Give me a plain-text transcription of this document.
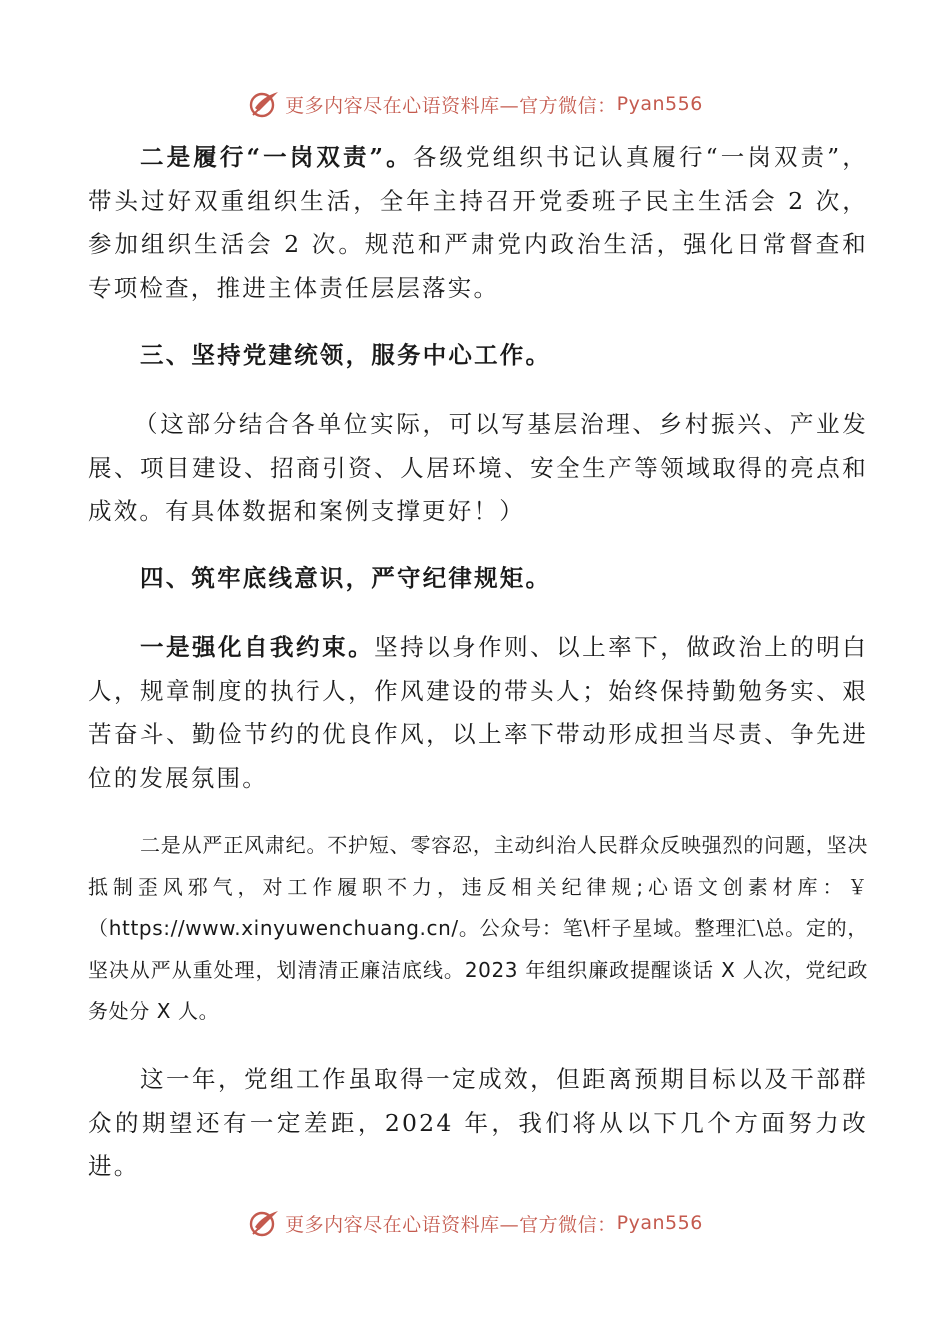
更多内容尽在心语资料库—官方微信： Pyan556
二是履行“一岗双责”。各级党组织书记认真履行“一岗双责”，带头过好双重组织生活，全年主持召开党委班子民主生活会 2 次，参加组织生活会 2 次。规范和严肃党内政治生活，强化日常督查和专项检查，推进主体责任层层落实。
三、坚持党建统领，服务中心工作。
（这部分结合各单位实际，可以写基层治理、乡村振兴、产业发展、项目建设、招商引资、人居环境、安全生产等领域取得的亮点和成效。有具体数据和案例支撑更好！）
四、筑牢底线意识，严守纪律规矩。
一是强化自我约束。坚持以身作则、以上率下，做政治上的明白人，规章制度的执行人，作风建设的带头人；始终保持勤勉务实、艰苦奋斗、勤俭节约的优良作风，以上率下带动形成担当尽责、争先进位的发展氛围。
二是从严正风肃纪。不护短、零容忍，主动纠治人民群众反映强烈的问题，坚决抵制歪风邪气，对工作履职不力，违反相关纪律规;心语文创素材库：￥（https://www.xinyuwenchuang.cn/。公众号：笔\杆子星域。整理汇\总。定的，坚决从严从重处理，划清清正廉洁底线。2023 年组织廉政提醒谈话 X 人次，党纪政务处分 X 人。
这一年，党组工作虽取得一定成效，但距离预期目标以及干部群众的期望还有一定差距，2024 年，我们将从以下几个方面努力改进。
更多内容尽在心语资料库—官方微信： Pyan556
